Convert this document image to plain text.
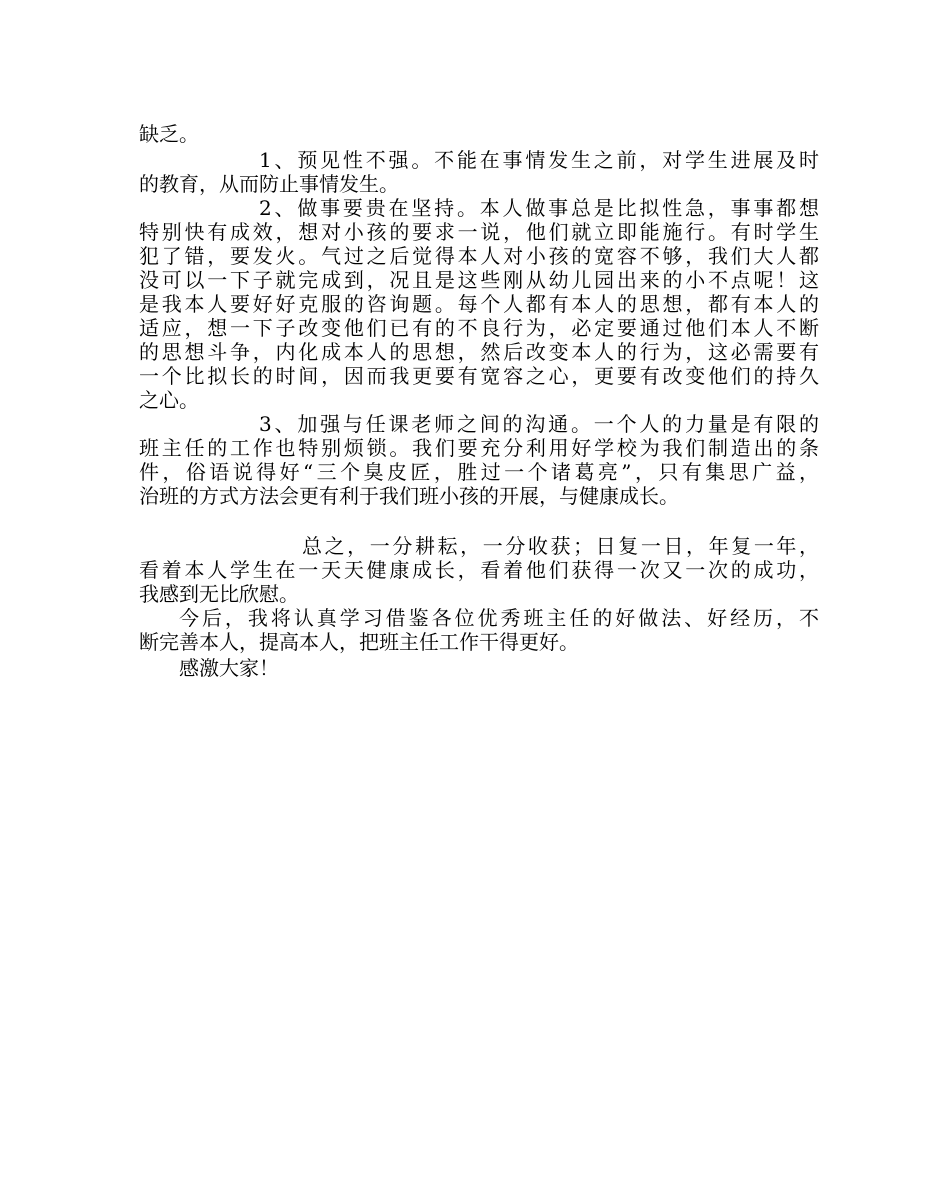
缺乏。
1、预见性不强。不能在事情发生之前，对学生进展及时
的教育，从而防止事情发生。
2、做事要贵在坚持。本人做事总是比拟性急，事事都想
特别快有成效，想对小孩的要求一说，他们就立即能施行。有时学生
犯了错，要发火。气过之后觉得本人对小孩的宽容不够，我们大人都
没可以一下子就完成到，况且是这些刚从幼儿园出来的小不点呢！这
是我本人要好好克服的咨询题。每个人都有本人的思想，都有本人的
适应，想一下子改变他们已有的不良行为，必定要通过他们本人不断
的思想斗争，内化成本人的思想，然后改变本人的行为，这必需要有
一个比拟长的时间，因而我更要有宽容之心，更要有改变他们的持久
之心。
3、加强与任课老师之间的沟通。一个人的力量是有限的
班主任的工作也特别烦锁。我们要充分利用好学校为我们制造出的条
件，俗语说得好“三个臭皮匠，胜过一个诸葛亮”，只有集思广益，
治班的方式方法会更有利于我们班小孩的开展，与健康成长。
总之，一分耕耘，一分收获；日复一日，年复一年，
看着本人学生在一天天健康成长，看着他们获得一次又一次的成功，
我感到无比欣慰。
今后，我将认真学习借鉴各位优秀班主任的好做法、好经历，不
断完善本人，提高本人，把班主任工作干得更好。
感激大家！
